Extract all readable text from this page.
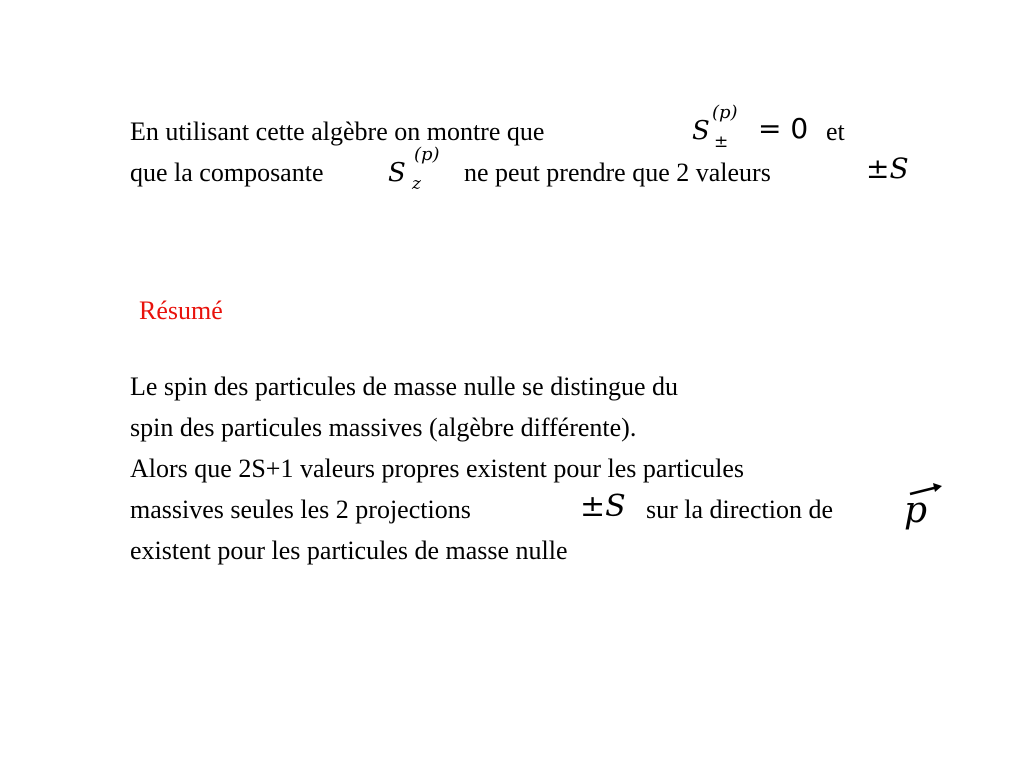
En utilisant cette algèbre on montre que	S
(p)
± = 0 et
que la composante S
(p)
z ne peut prendre que 2 valeurs	±S
Résumé
Le spin des particules de masse nulle se distingue du
spin des particules massives (algèbre différente).
Alors que 2S+1 valeurs propres existent pour les particules
massives seules les 2 projections	±S sur la direction de p
existent pour les particules de masse nulle
